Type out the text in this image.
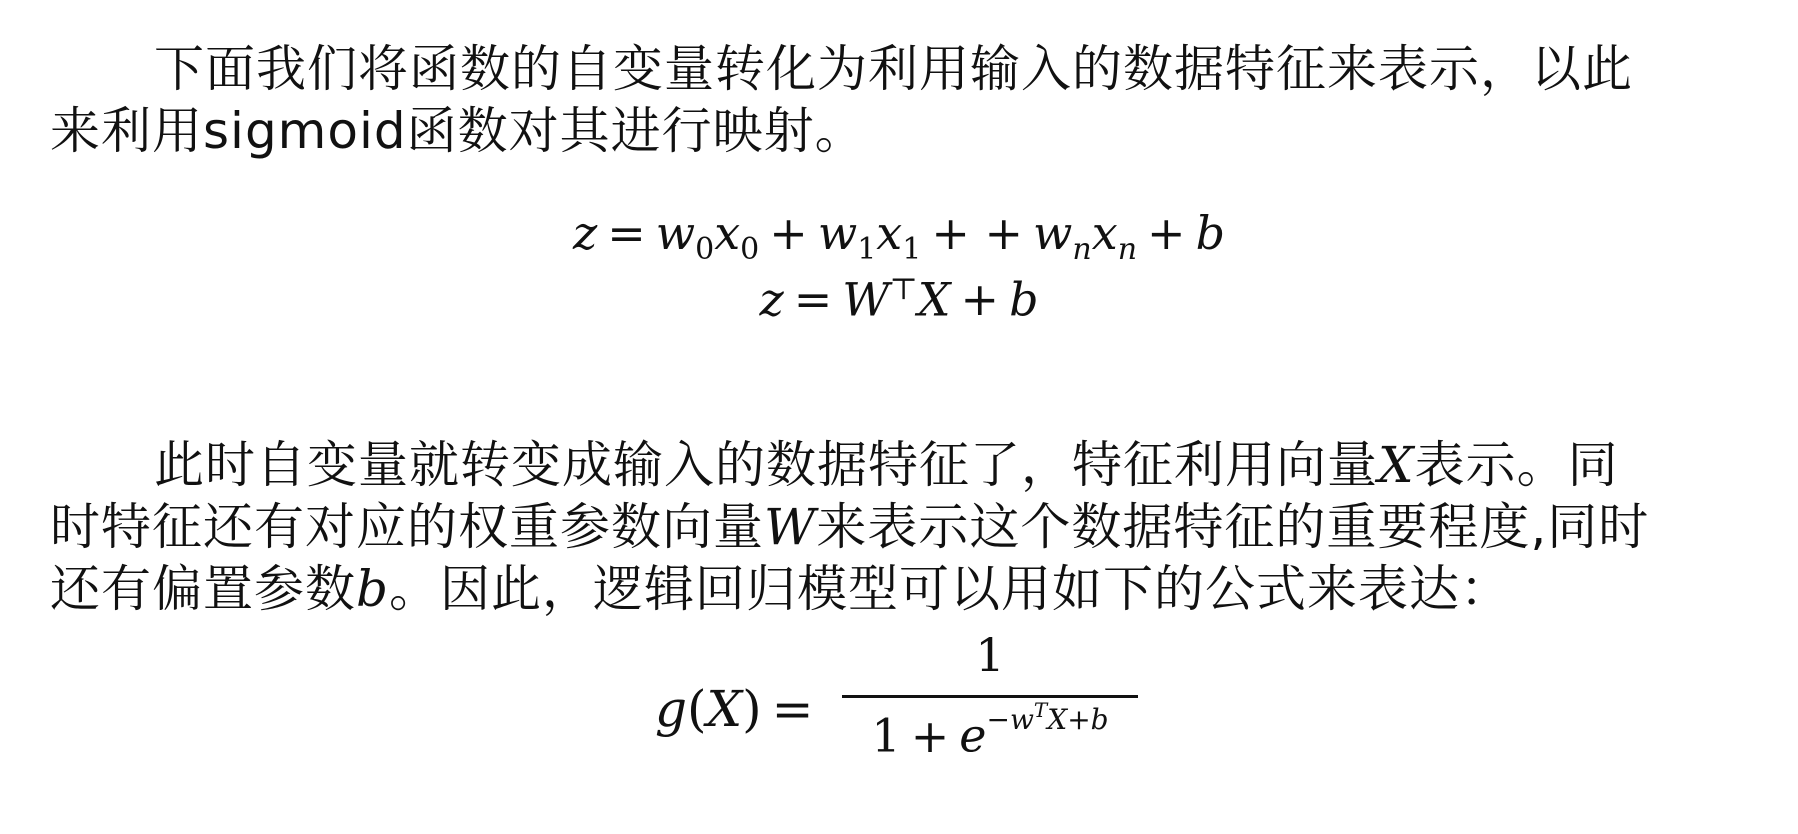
下面我们将函数的自变量转化为利用输入的数据特征来表示，以此
来利用sigmoid函数对其进行映射。
$z = w_0x_0 + w_1x_1$ + + $w_nx_n + b$
z = W⊤X + b
此时自变量就转变成输入的数据特征了，特征利用向量X表示。同
时特征还有对应的权重参数向量W来表示这个数据特征的重要程度,同时
还有偏置参数b。因此，逻辑回归模型可以用如下的公式来表达：
g(X) =
1
$1 + e^{-w^TX+b}$
